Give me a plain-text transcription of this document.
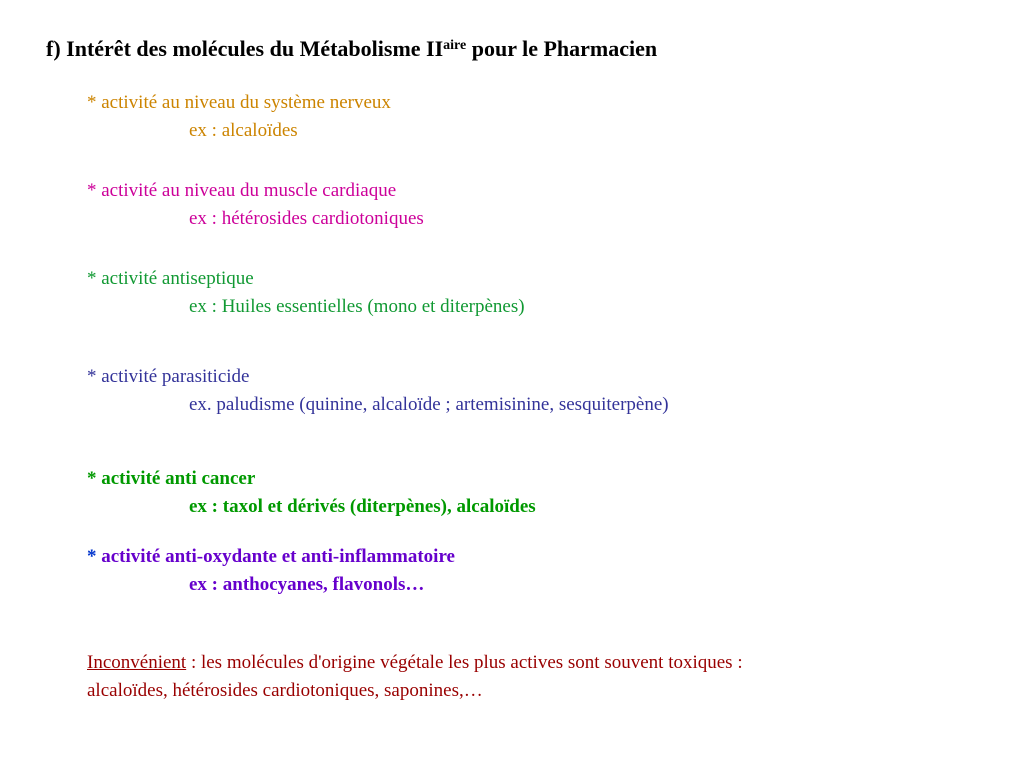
f) Intérêt des molécules du Métabolisme $II^{aire}$ pour le Pharmacien
* activité au niveau du système nerveux
ex : alcaloïdes
* activité au niveau du muscle cardiaque
ex : hétérosides cardiotoniques
* activité antiseptique
ex : Huiles essentielles (mono et diterpènes)
* activité parasiticide
ex. paludisme (quinine, alcaloïde ; artemisinine, sesquiterpène)
* activité anti cancer
ex : taxol et dérivés (diterpènes), alcaloïdes
* activité anti-oxydante et anti-inflammatoire
ex : anthocyanes, flavonols…
Inconvénient : les molécules d'origine végétale les plus actives sont souvent toxiques :
alcaloïdes, hétérosides cardiotoniques, saponines,…
